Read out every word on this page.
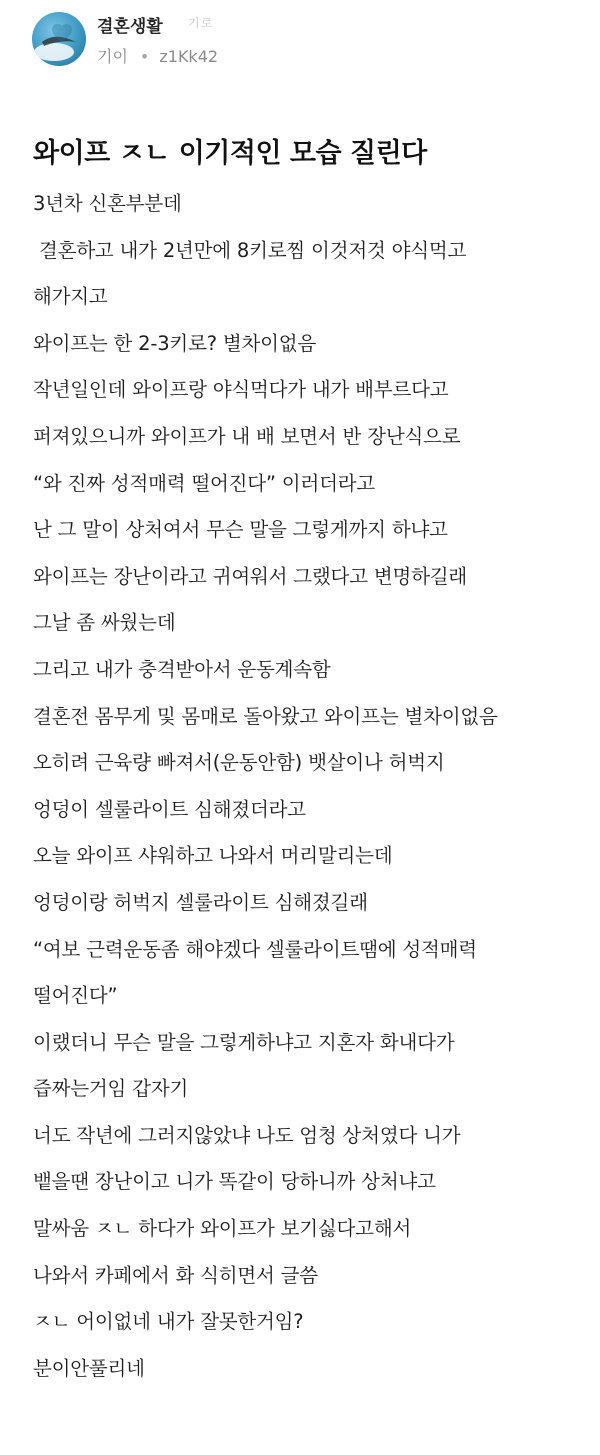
결혼생활 기로
기이 • z1Kk42
와이프 ㅈㄴ 이기적인 모습 질린다
3년차 신혼부분데
결혼하고 내가 2년만에 8키로찜 이것저것 야식먹고
해가지고
와이프는 한 2-3키로? 별차이없음
작년일인데 와이프랑 야식먹다가 내가 배부르다고
퍼져있으니까 와이프가 내 배 보면서 반 장난식으로
“와 진짜 성적매력 떨어진다” 이러더라고
난 그 말이 상처여서 무슨 말을 그렇게까지 하냐고
와이프는 장난이라고 귀여워서 그랬다고 변명하길래
그날 좀 싸웠는데
그리고 내가 충격받아서 운동계속함
결혼전 몸무게 및 몸매로 돌아왔고 와이프는 별차이없음
오히려 근육량 빠져서(운동안함) 뱃살이나 허벅지
엉덩이 셀룰라이트 심해졌더라고
오늘 와이프 샤워하고 나와서 머리말리는데
엉덩이랑 허벅지 셀룰라이트 심해졌길래
“여보 근력운동좀 해야겠다 셀룰라이트땜에 성적매력
떨어진다”
이랬더니 무슨 말을 그렇게하냐고 지혼자 화내다가
즙짜는거임 갑자기
너도 작년에 그러지않았냐 나도 엄청 상처였다 니가
뱉을땐 장난이고 니가 똑같이 당하니까 상처냐고
말싸움 ㅈㄴ 하다가 와이프가 보기싫다고해서
나와서 카페에서 화 식히면서 글씀
ㅈㄴ 어이없네 내가 잘못한거임?
분이안풀리네
